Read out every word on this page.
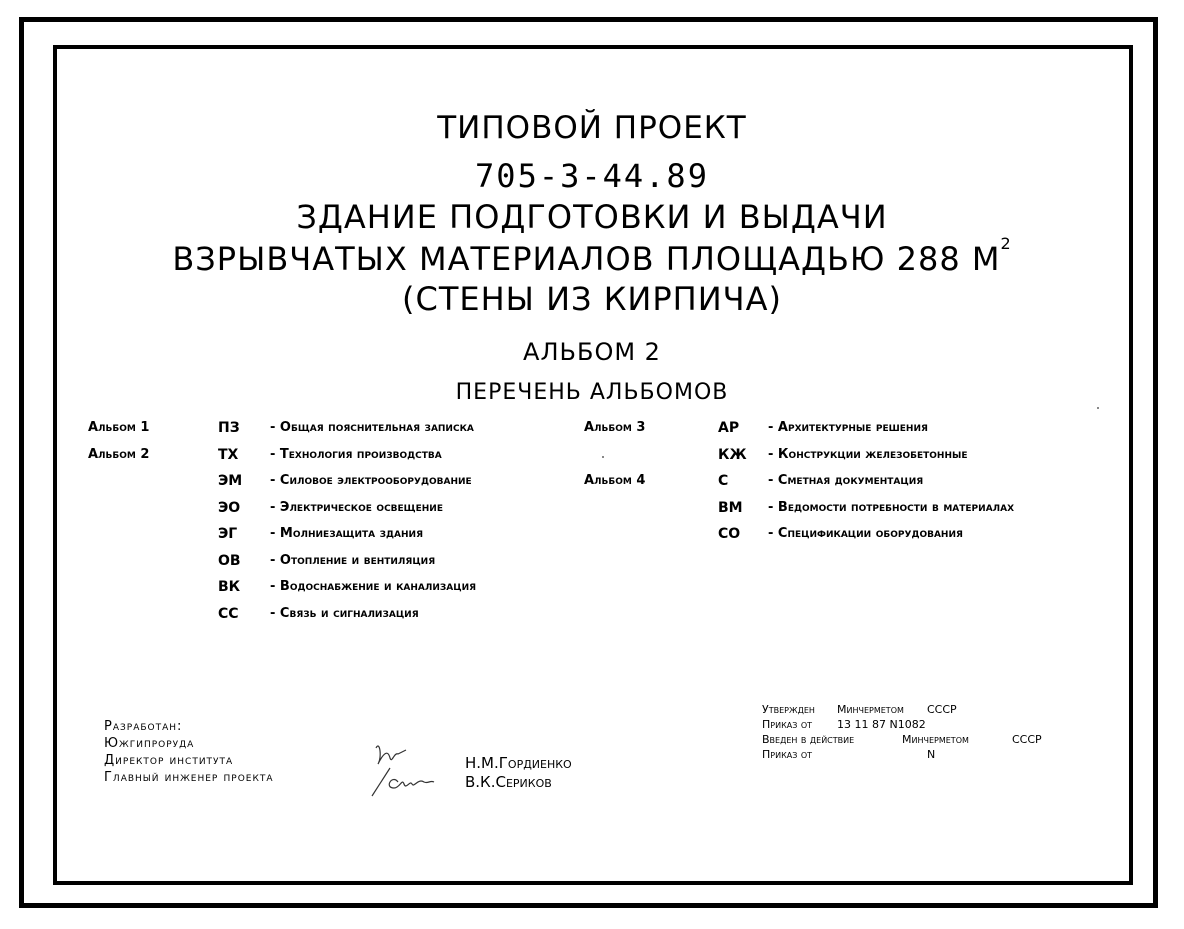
ТИПОВОЙ ПРОЕКТ
705-3-44.89
ЗДАНИЕ ПОДГОТОВКИ И ВЫДАЧИ
ВЗРЫВЧАТЫХ МАТЕРИАЛОВ ПЛОЩАДЬЮ 288 $М^2$
(СТЕНЫ ИЗ КИРПИЧА)
АЛЬБОМ 2
ПЕРЕЧЕНЬ АЛЬБОМОВ
Альбом 1	ПЗ - Общая пояснительная записка
Альбом 2	ТХ - Технология производства
ЭМ - Силовое электрооборудование
ЭО - Электрическое освещение
ЭГ	- Молниезащита здания
ОВ - Отопление и вентиляция
ВК - Водоснабжение и канализация
СС - Связь и сигнализация
Альбом 3	АР - Архитектурные решения
КЖ - Конструкции железобетонные
Альбом 4	С	- Сметная документация
ВМ - Ведомости потребности в материалах
СО - Спецификации оборудования
Разработан:
Южгипроруда
Директор института
Главный инженер проекта
Н.М.Гордиенко
В.К.Сериков
Утвержден	Минчерметом	СССР
Приказ от	13 11 87 N1082
Введен в действие	Минчерметом	СССР
Приказ от	N
